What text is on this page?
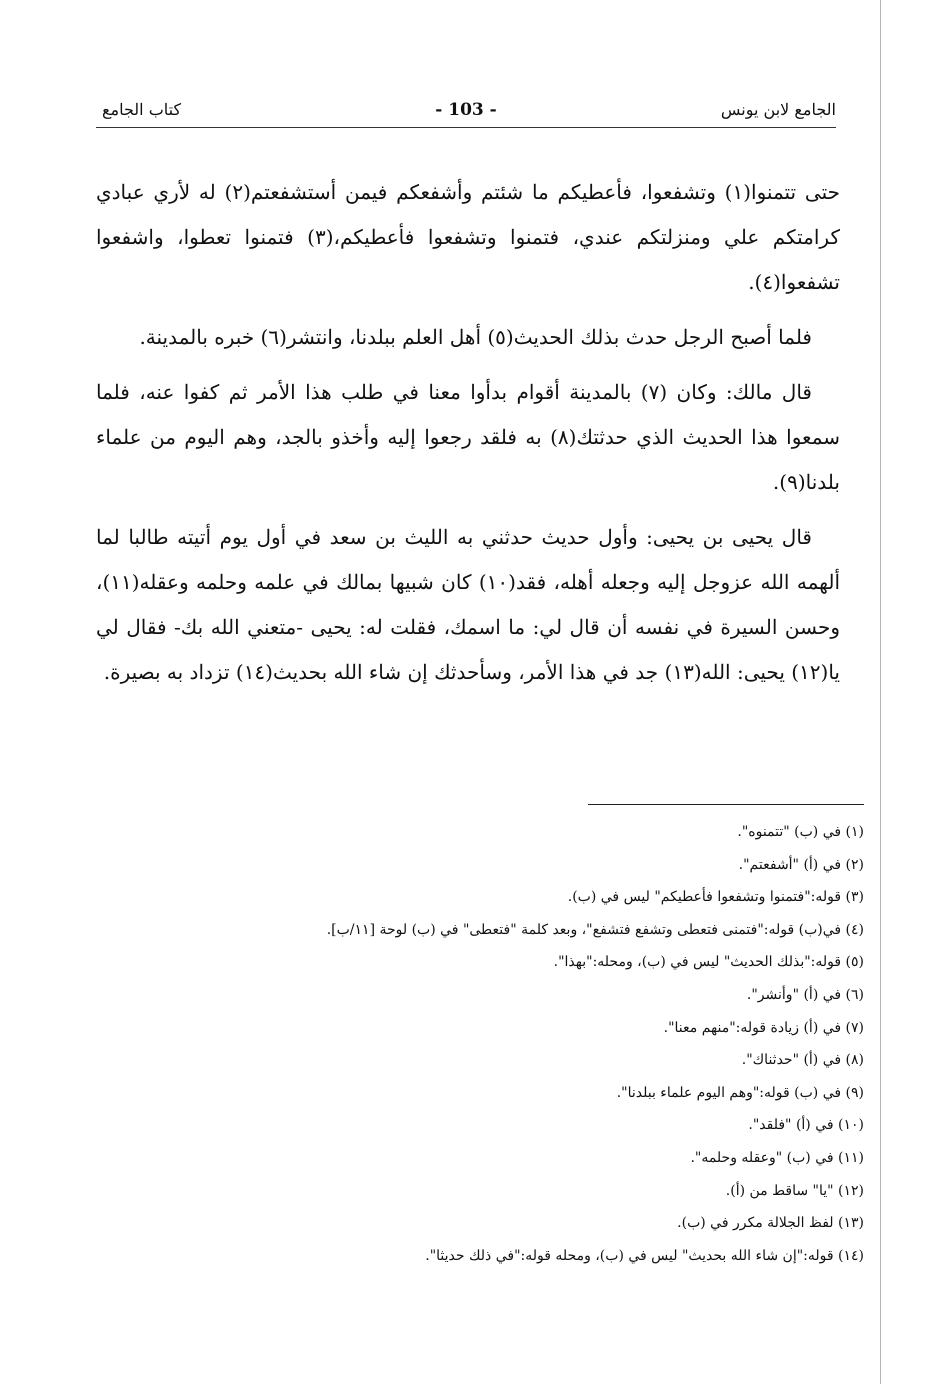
كتاب الجامع	- 103 -	الجامع لابن يونس

حتى تتمنوا(١) وتشفعوا، فأعطيكم ما شئتم وأشفعكم فيمن أستشفعتم(٢) له لأري عبادي كرامتكم علي ومنزلتكم عندي، فتمنوا وتشفعوا فأعطيكم،(٣) فتمنوا تعطوا، واشفعوا تشفعوا(٤).

فلما أصبح الرجل حدث بذلك الحديث(٥) أهل العلم ببلدنا، وانتشر(٦) خبره بالمدينة.

قال مالك: وكان (٧) بالمدينة أقوام بدأوا معنا في طلب هذا الأمر ثم كفوا عنه، فلما سمعوا هذا الحديث الذي حدثتك(٨) به فلقد رجعوا إليه وأخذو بالجد، وهم اليوم من علماء بلدنا(٩).

قال يحيى بن يحيى: وأول حديث حدثني به الليث بن سعد في أول يوم أتيته طالبا لما ألهمه الله عزوجل إليه وجعله أهله، فقد(١٠) كان شبيها بمالك في علمه وحلمه وعقله(١١)، وحسن السيرة في نفسه أن قال لي: ما اسمك، فقلت له: يحيى -متعني الله بك- فقال لي يا(١٢) يحيى: الله(١٣) جد في هذا الأمر، وسأحدثك إن شاء الله بحديث(١٤) تزداد به بصيرة.

(١) في (ب) "تتمنوه".
(٢) في (أ) "أشفعتم".
(٣) قوله:"فتمنوا وتشفعوا فأعطيكم" ليس في (ب).
(٤) في(ب) قوله:"فتمنى فتعطى وتشفع فتشفع"، وبعد كلمة "فتعطى" في (ب) لوحة [١١/ب].
(٥) قوله:"بذلك الحديث" ليس في (ب)، ومحله:"بهذا".
(٦) في (أ) "وأنشر".
(٧) في (أ) زيادة قوله:"منهم معنا".
(٨) في (أ) "حدثناك".
(٩) في (ب) قوله:"وهم اليوم علماء ببلدنا".
(١٠) في (أ) "فلقد".
(١١) في (ب) "وعقله وحلمه".
(١٢) "يا" ساقط من (أ).
(١٣) لفظ الجلالة مكرر في (ب).
(١٤) قوله:"إن شاء الله بحديث" ليس في (ب)، ومحله قوله:"في ذلك حديثا".
